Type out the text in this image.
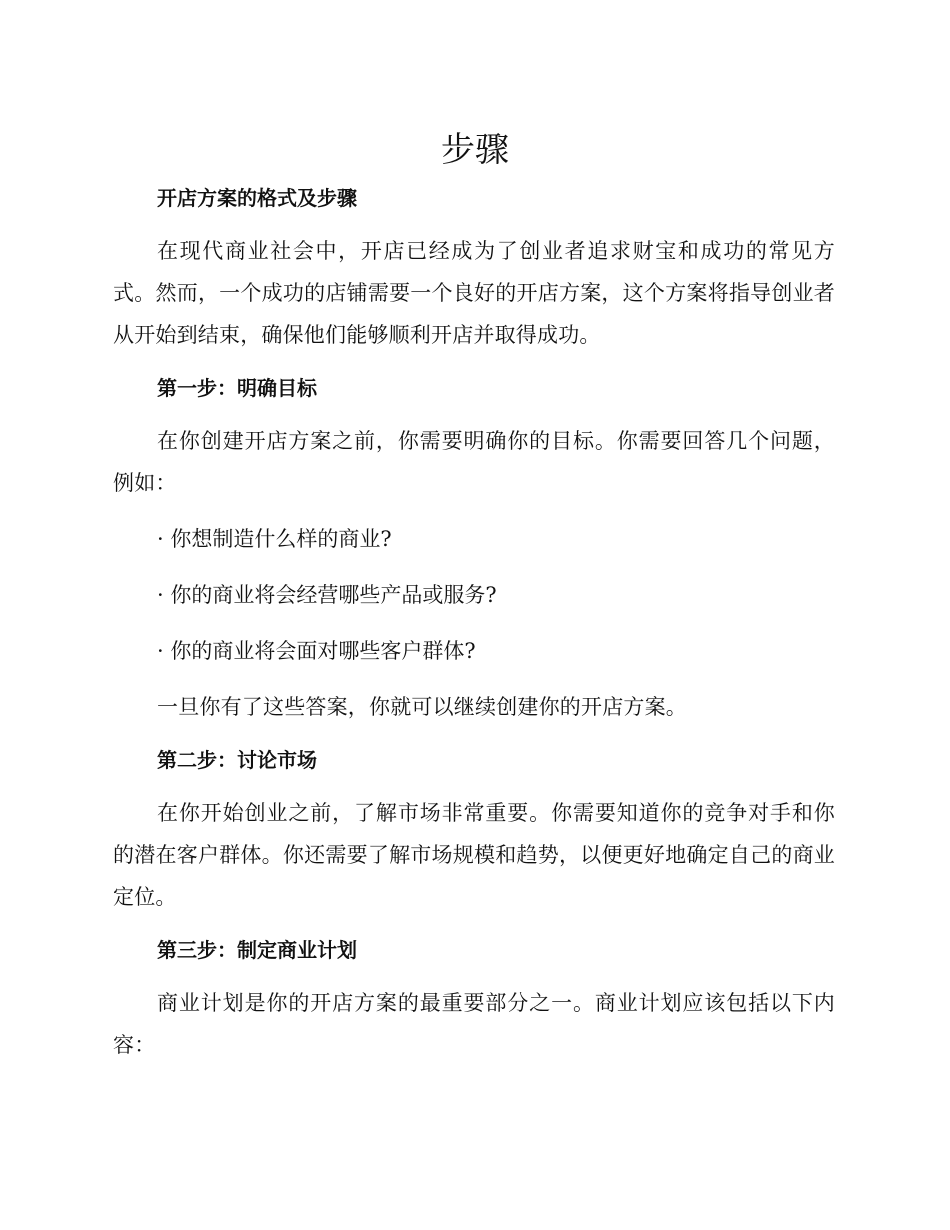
步骤
开店方案的格式及步骤

在现代商业社会中，开店已经成为了创业者追求财宝和成功的常见方式。然而，一个成功的店铺需要一个良好的开店方案，这个方案将指导创业者从开始到结束，确保他们能够顺利开店并取得成功。

第一步：明确目标

在你创建开店方案之前，你需要明确你的目标。你需要回答几个问题，例如：

· 你想制造什么样的商业?

· 你的商业将会经营哪些产品或服务?

· 你的商业将会面对哪些客户群体?

一旦你有了这些答案，你就可以继续创建你的开店方案。

第二步：讨论市场

在你开始创业之前，了解市场非常重要。你需要知道你的竞争对手和你的潜在客户群体。你还需要了解市场规模和趋势，以便更好地确定自己的商业定位。

第三步：制定商业计划

商业计划是你的开店方案的最重要部分之一。商业计划应该包括以下内容：
